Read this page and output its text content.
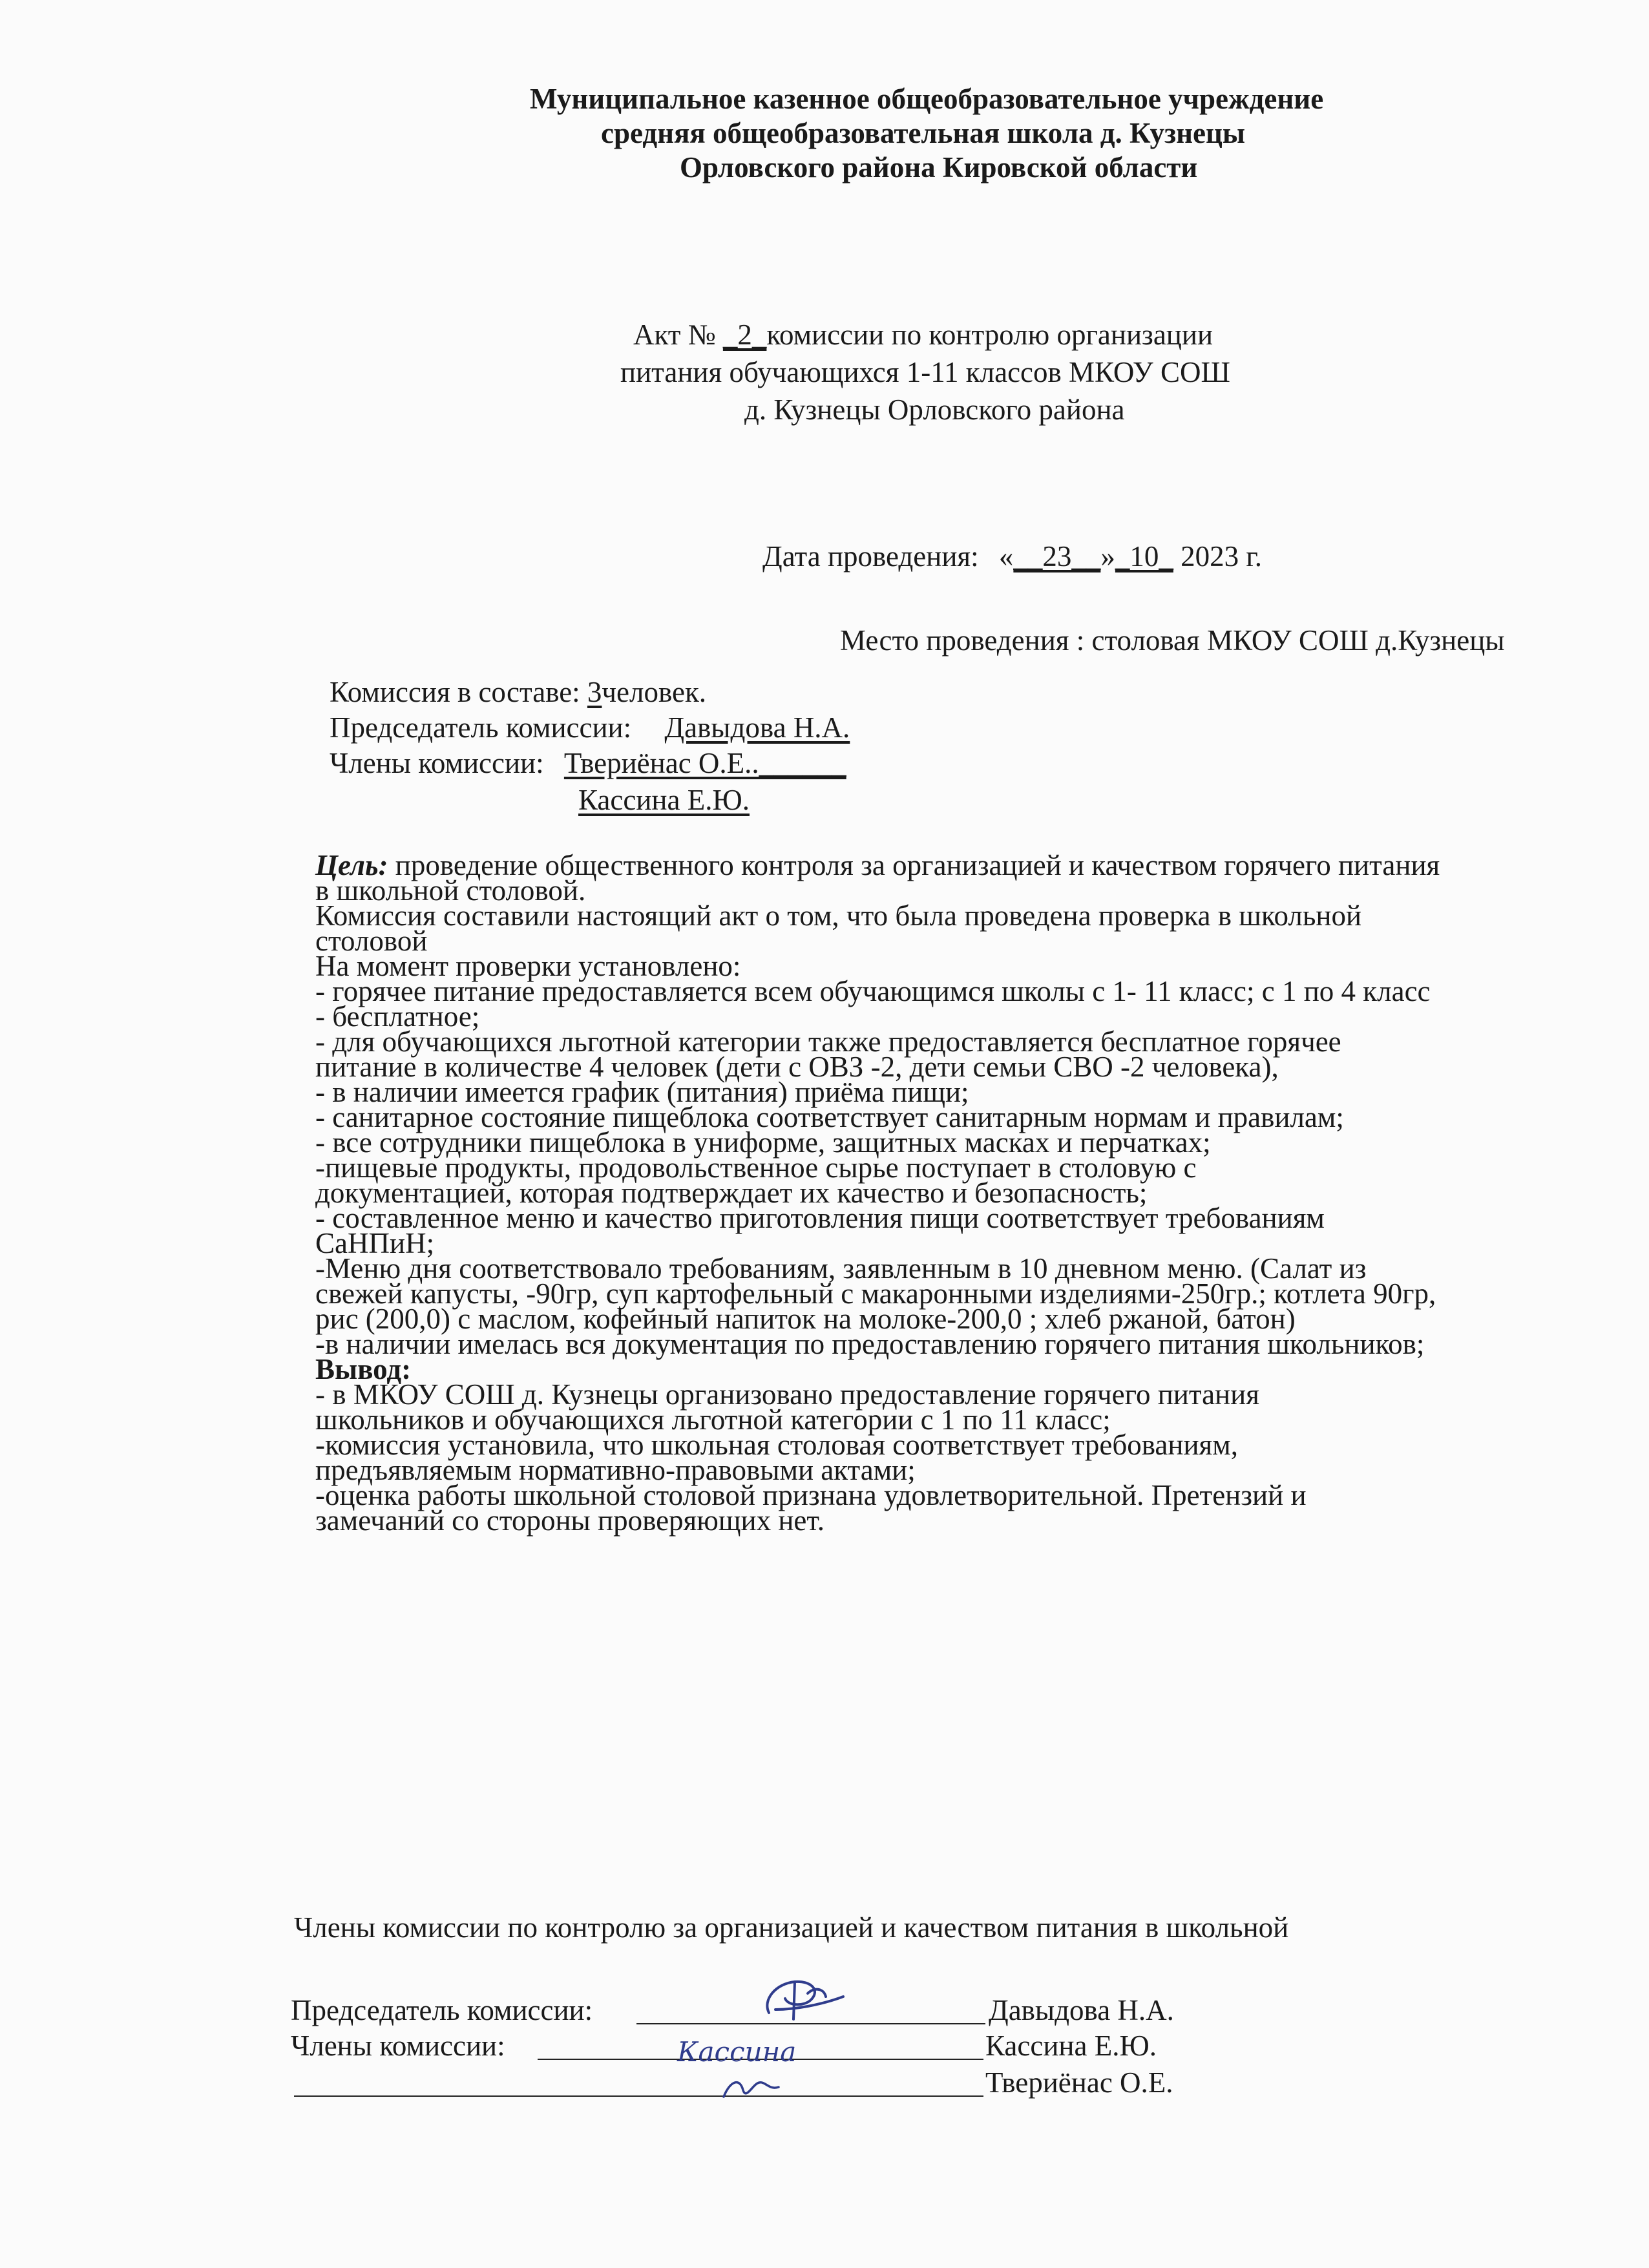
Муниципальное казенное общеобразовательное учреждение
средняя общеобразовательная школа д. Кузнецы
Орловского района Кировской области
Акт № _2_комиссии по контролю организации
питания обучающихся 1-11 классов МКОУ СОШ
д. Кузнецы Орловского района
Дата проведения: «__23__»_10_ 2023 г.
Место проведения : столовая МКОУ СОШ д.Кузнецы
Комиссия в составе: 3человек.
Председатель комиссии: Давыдова Н.А.
Члены комиссии: Твериёнас О.Е..______
Кассина Е.Ю.
Цель: проведение общественного контроля за организацией и качеством горячего питания
в школьной столовой.
Комиссия составили настоящий акт о том, что была проведена проверка в школьной
столовой
На момент проверки установлено:
- горячее питание предоставляется всем обучающимся школы с 1- 11 класс; с 1 по 4 класс
- бесплатное;
- для обучающихся льготной категории также предоставляется бесплатное горячее
питание в количестве 4 человек (дети с ОВЗ -2, дети семьи СВО -2 человека),
- в наличии имеется график (питания) приёма пищи;
- санитарное состояние пищеблока соответствует санитарным нормам и правилам;
- все сотрудники пищеблока в униформе, защитных масках и перчатках;
-пищевые продукты, продовольственное сырье поступает в столовую с
документацией, которая подтверждает их качество и безопасность;
- составленное меню и качество приготовления пищи соответствует требованиям
СаНПиН;
-Меню дня соответствовало требованиям, заявленным в 10 дневном меню. (Салат из
свежей капусты, -90гр, суп картофельный с макаронными изделиями-250гр.; котлета 90гр,
рис (200,0) с маслом, кофейный напиток на молоке-200,0 ; хлеб ржаной, батон)
-в наличии имелась вся документация по предоставлению горячего питания школьников;
Вывод:
- в МКОУ СОШ д. Кузнецы организовано предоставление горячего питания
школьников и обучающихся льготной категории с 1 по 11 класс;
-комиссия установила, что школьная столовая соответствует требованиям,
предъявляемым нормативно-правовыми актами;
-оценка работы школьной столовой признана удовлетворительной. Претензий и
замечаний со стороны проверяющих нет.
Члены комиссии по контролю за организацией и качеством питания в школьной
Председатель комиссии:	Давыдова Н.А.
Члены комиссии:	Кассина Е.Ю.
Твериёнас О.Е.
Кассина
